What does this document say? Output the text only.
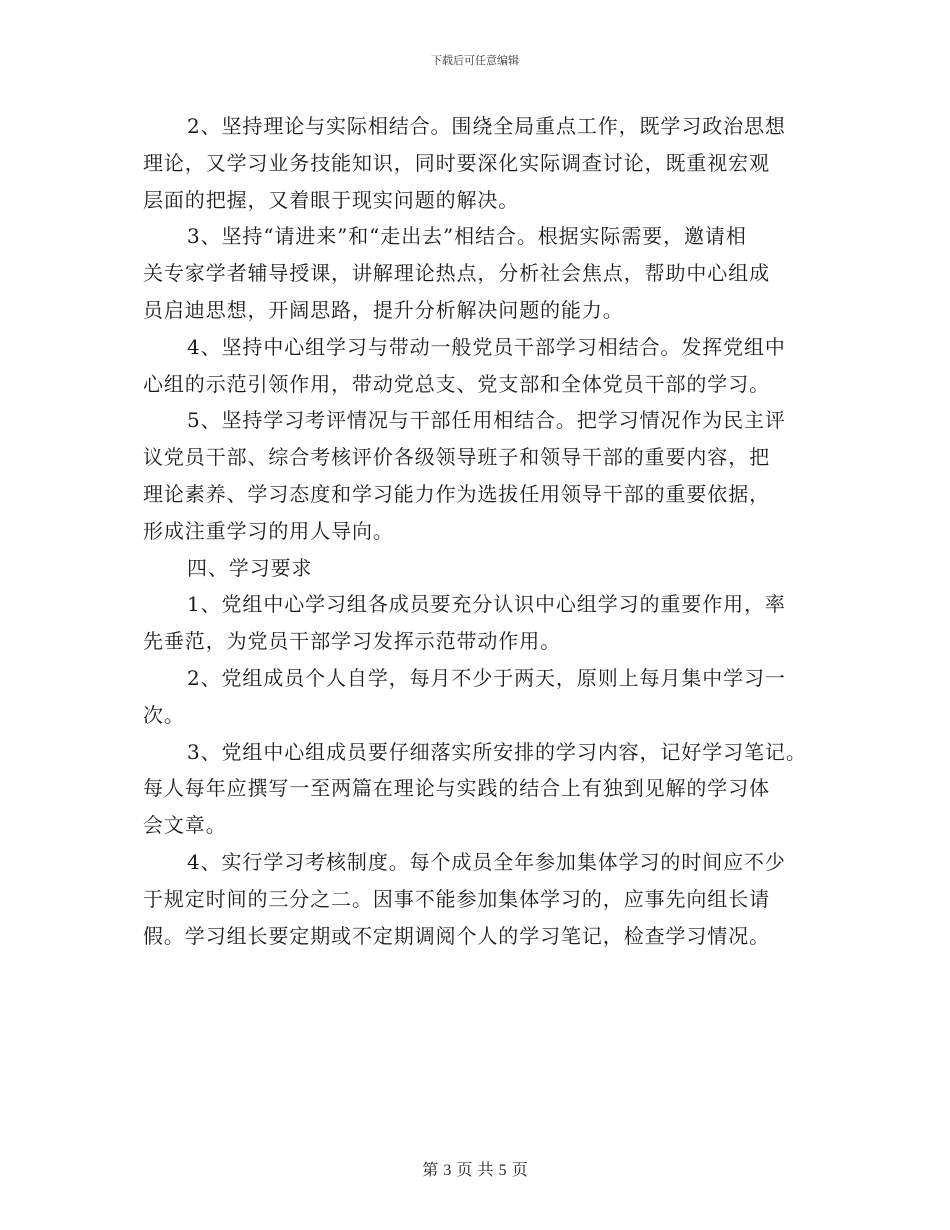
下载后可任意编辑
2、坚持理论与实际相结合。围绕全局重点工作，既学习政治思想
理论，又学习业务技能知识，同时要深化实际调查讨论，既重视宏观
层面的把握，又着眼于现实问题的解决。
3、坚持“请进来”和“走出去”相结合。根据实际需要，邀请相
关专家学者辅导授课，讲解理论热点，分析社会焦点，帮助中心组成
员启迪思想，开阔思路，提升分析解决问题的能力。
4、坚持中心组学习与带动一般党员干部学习相结合。发挥党组中
心组的示范引领作用，带动党总支、党支部和全体党员干部的学习。
5、坚持学习考评情况与干部任用相结合。把学习情况作为民主评
议党员干部、综合考核评价各级领导班子和领导干部的重要内容，把
理论素养、学习态度和学习能力作为选拔任用领导干部的重要依据，
形成注重学习的用人导向。
四、学习要求
1、党组中心学习组各成员要充分认识中心组学习的重要作用，率
先垂范，为党员干部学习发挥示范带动作用。
2、党组成员个人自学，每月不少于两天，原则上每月集中学习一
次。
3、党组中心组成员要仔细落实所安排的学习内容，记好学习笔记。
每人每年应撰写一至两篇在理论与实践的结合上有独到见解的学习体
会文章。
4、实行学习考核制度。每个成员全年参加集体学习的时间应不少
于规定时间的三分之二。因事不能参加集体学习的，应事先向组长请
假。学习组长要定期或不定期调阅个人的学习笔记，检查学习情况。
第 3 页 共 5 页
